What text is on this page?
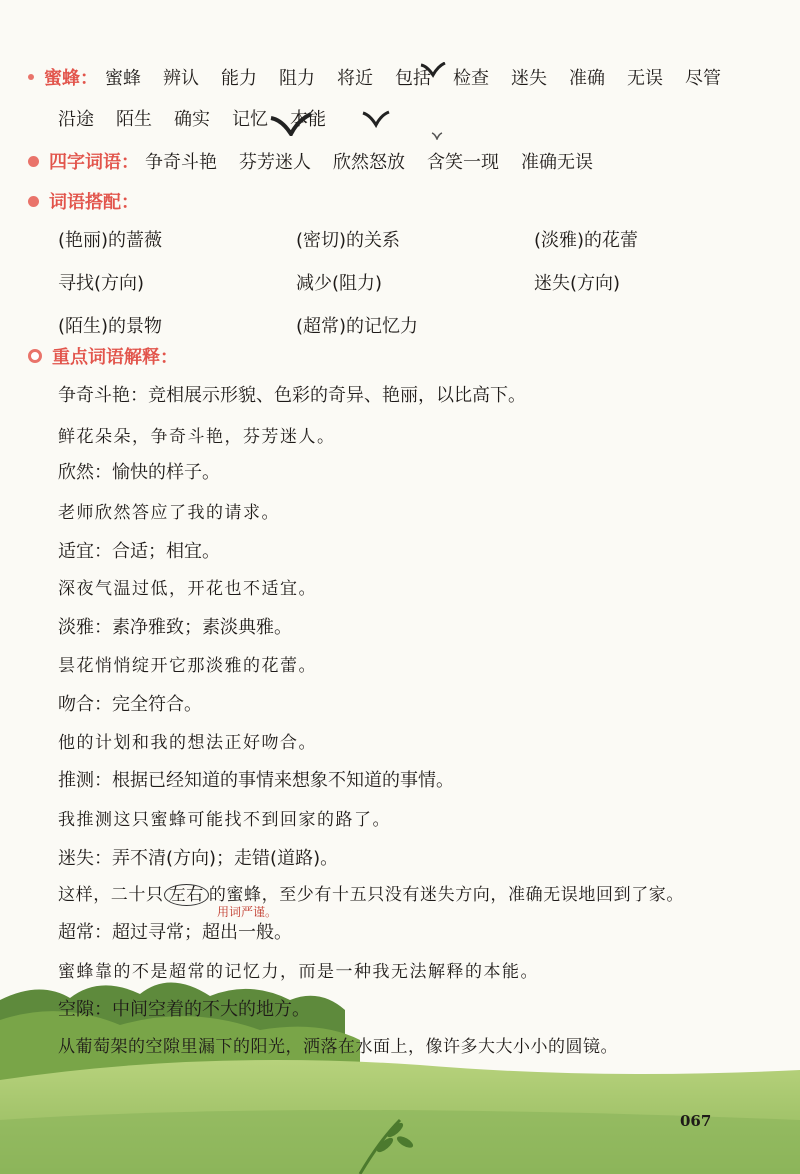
蜜蜂： 蜜蜂 辨认 能力 阻力 将近 包括 检查 迷失 准确 无误 尽管
沿途 陌生 确实 记忆 本能
四字词语： 争奇斗艳 芬芳迷人 欣然怒放 含笑一现 准确无误
词语搭配：
(艳丽)的蔷薇	(密切)的关系	(淡雅)的花蕾
寻找(方向)	减少(阻力)	迷失(方向)
(陌生)的景物	(超常)的记忆力
重点词语解释：
争奇斗艳：竞相展示形貌、色彩的奇异、艳丽，以比高下。
鲜花朵朵，争奇斗艳，芬芳迷人。
欣然：愉快的样子。
老师欣然答应了我的请求。
适宜：合适；相宜。
深夜气温过低，开花也不适宜。
淡雅：素净雅致；素淡典雅。
昙花悄悄绽开它那淡雅的花蕾。
吻合：完全符合。
他的计划和我的想法正好吻合。
推测：根据已经知道的事情来想象不知道的事情。
我推测这只蜜蜂可能找不到回家的路了。
迷失：弄不清(方向)；走错(道路)。
这样，二十只 左右 的蜜蜂，至少有十五只没有迷失方向，准确无误地回到了家。
用词严谨。
超常：超过寻常；超出一般。
蜜蜂靠的不是超常的记忆力，而是一种我无法解释的本能。
空隙：中间空着的不大的地方。
从葡萄架的空隙里漏下的阳光，洒落在水面上，像许多大大小小的圆镜。
067
